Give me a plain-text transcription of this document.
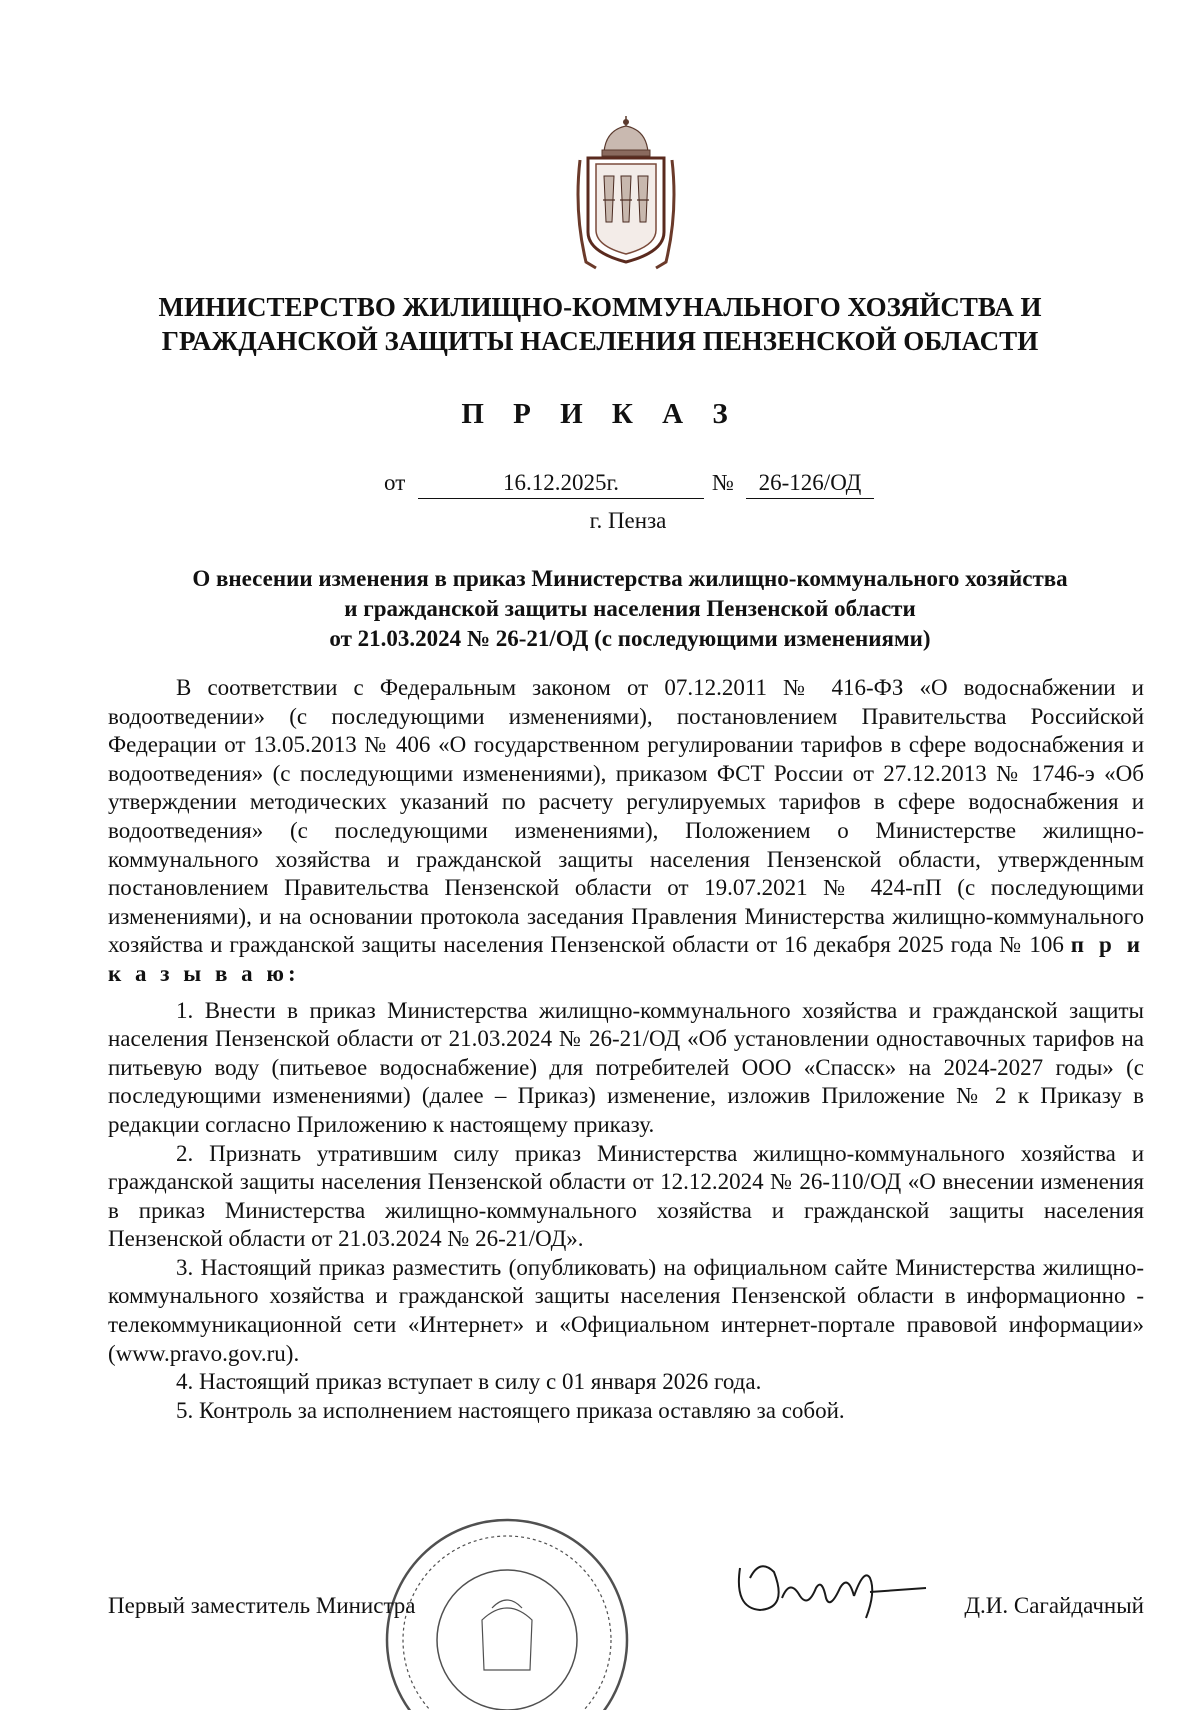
МИНИСТЕРСТВО ЖИЛИЩНО-КОММУНАЛЬНОГО ХОЗЯЙСТВА И
ГРАЖДАНСКОЙ ЗАЩИТЫ НАСЕЛЕНИЯ ПЕНЗЕНСКОЙ ОБЛАСТИ
П Р И К А З
от	16.12.2025г.	№	26-126/ОД
г. Пенза
О внесении изменения в приказ Министерства жилищно-коммунального хозяйства
и гражданской защиты населения Пензенской области
от 21.03.2024 № 26-21/ОД (с последующими изменениями)

В соответствии с Федеральным законом от 07.12.2011 № 416-ФЗ «О водоснабжении и водоотведении» (с последующими изменениями), постановлением Правительства Российской Федерации от 13.05.2013 № 406 «О государственном регулировании тарифов в сфере водоснабжения и водоотведения» (с последующими изменениями), приказом ФСТ России от 27.12.2013 № 1746-э «Об утверждении методических указаний по расчету регулируемых тарифов в сфере водоснабжения и водоотведения» (с последующими изменениями), Положением о Министерстве жилищно-коммунального хозяйства и гражданской защиты населения Пензенской области, утвержденным постановлением Правительства Пензенской области от 19.07.2021 № 424-пП (с последующими изменениями), и на основании протокола заседания Правления Министерства жилищно-коммунального хозяйства и гражданской защиты населения Пензенской области от 16 декабря 2025 года № 106 п р и к а з ы в а ю:

1. Внести в приказ Министерства жилищно-коммунального хозяйства и гражданской защиты населения Пензенской области от 21.03.2024 № 26-21/ОД «Об установлении одноставочных тарифов на питьевую воду (питьевое водоснабжение) для потребителей ООО «Спасск» на 2024-2027 годы» (с последующими изменениями) (далее – Приказ) изменение, изложив Приложение № 2 к Приказу в редакции согласно Приложению к настоящему приказу.

2. Признать утратившим силу приказ Министерства жилищно-коммунального хозяйства и гражданской защиты населения Пензенской области от 12.12.2024 № 26-110/ОД «О внесении изменения в приказ Министерства жилищно-коммунального хозяйства и гражданской защиты населения Пензенской области от 21.03.2024 № 26-21/ОД».

3. Настоящий приказ разместить (опубликовать) на официальном сайте Министерства жилищно-коммунального хозяйства и гражданской защиты населения Пензенской области в информационно - телекоммуникационной сети «Интернет» и «Официальном интернет-портале правовой информации» (www.pravo.gov.ru).

4. Настоящий приказ вступает в силу с 01 января 2026 года.

5. Контроль за исполнением настоящего приказа оставляю за собой.

Первый заместитель Министра	Д.И. Сагайдачный
